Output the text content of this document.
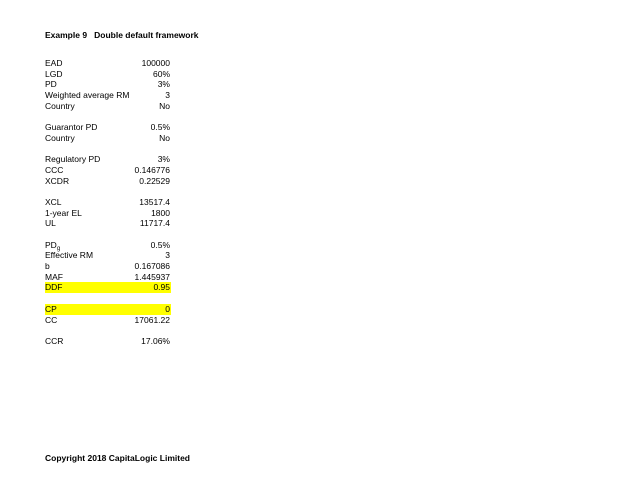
Example 9   Double default framework
EAD	100000
LGD	60%
PD	3%
Weighted average RM	3
Country	No
Guarantor PD	0.5%
Country	No
Regulatory PD	3%
CCC	0.146776
XCDR	0.22529
XCL	13517.4
1-year EL	1800
UL	11717.4
$PD_g$	0.5%
Effective RM	3
b	0.167086
MAF	1.445937
DDF	0.95
CP	0
CC	17061.22
CCR	17.06%
Copyright 2018 CapitaLogic Limited
